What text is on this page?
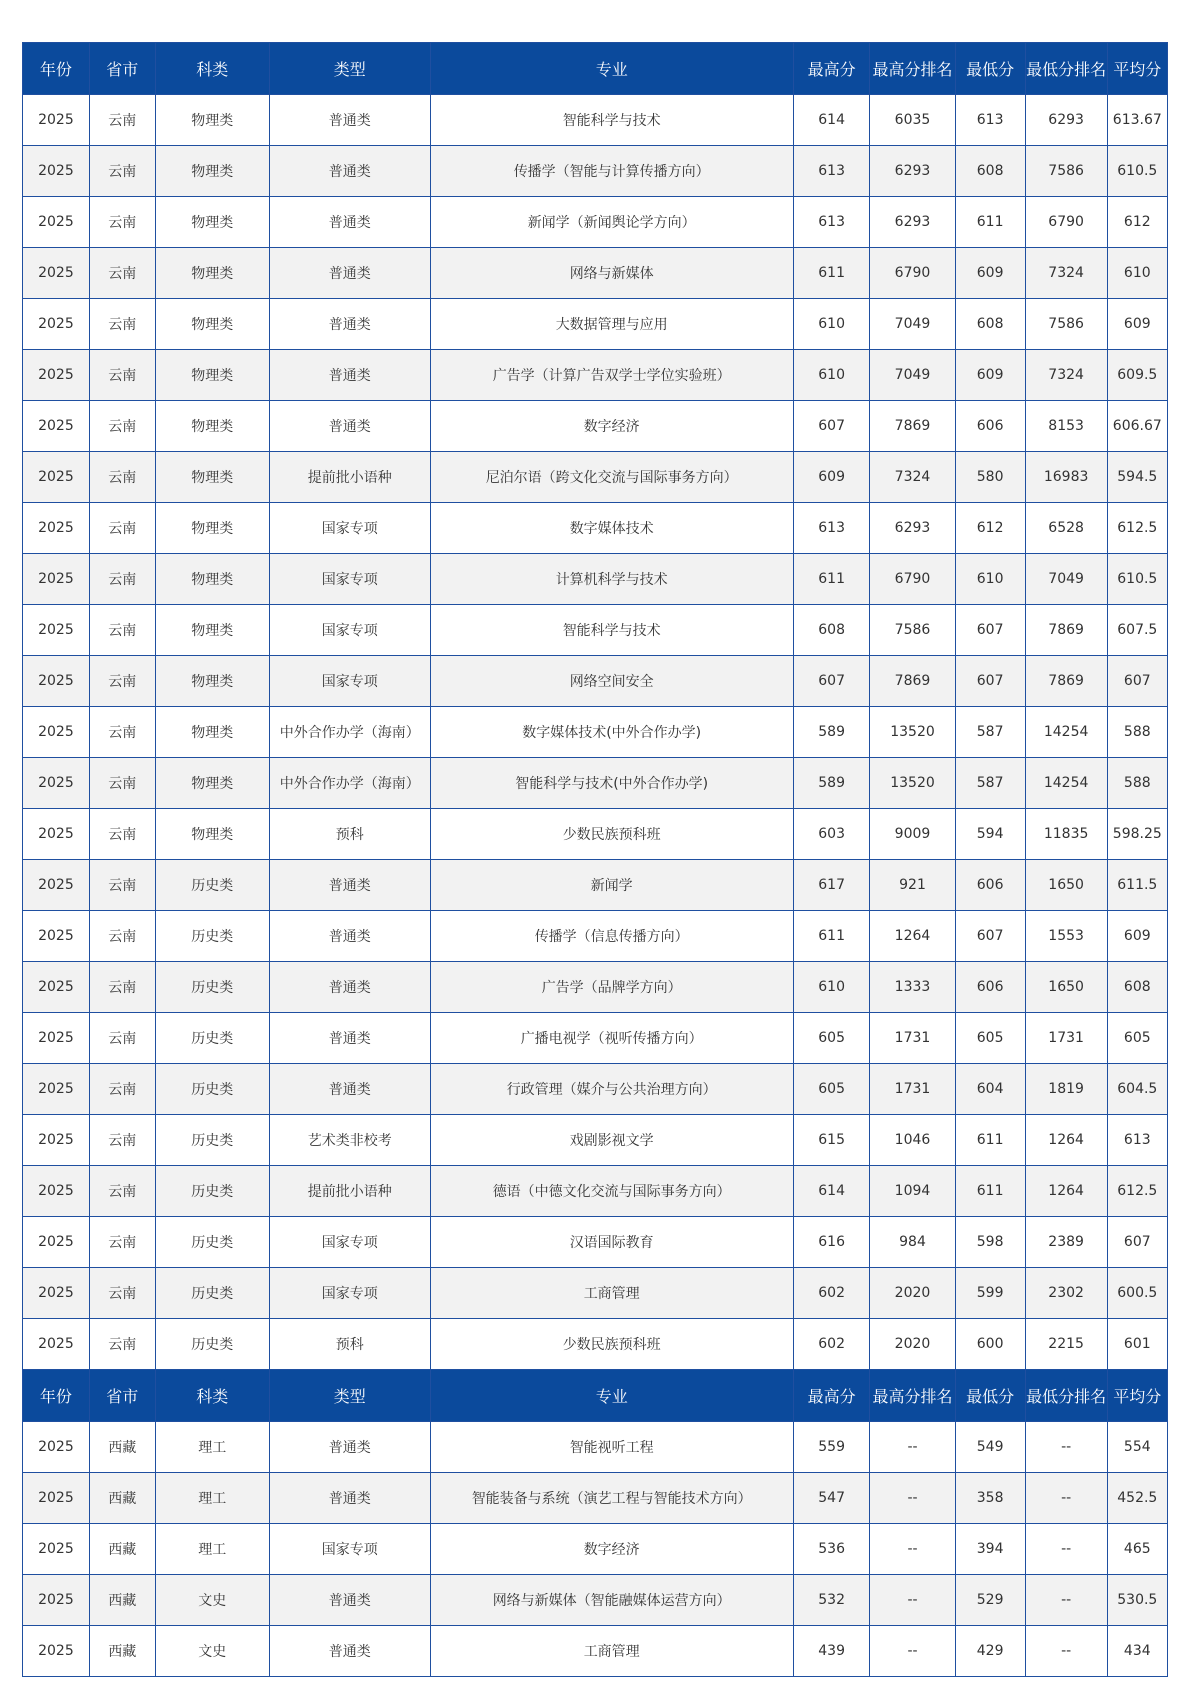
年份	省市	科类	类型	专业	最高分	最高分排名	最低分	最低分排名	平均分
2025	云南	物理类	普通类	智能科学与技术	614	6035	613	6293	613.67
2025	云南	物理类	普通类	传播学（智能与计算传播方向）	613	6293	608	7586	610.5
2025	云南	物理类	普通类	新闻学（新闻舆论学方向）	613	6293	611	6790	612
2025	云南	物理类	普通类	网络与新媒体	611	6790	609	7324	610
2025	云南	物理类	普通类	大数据管理与应用	610	7049	608	7586	609
2025	云南	物理类	普通类	广告学（计算广告双学士学位实验班）	610	7049	609	7324	609.5
2025	云南	物理类	普通类	数字经济	607	7869	606	8153	606.67
2025	云南	物理类	提前批小语种	尼泊尔语（跨文化交流与国际事务方向）	609	7324	580	16983	594.5
2025	云南	物理类	国家专项	数字媒体技术	613	6293	612	6528	612.5
2025	云南	物理类	国家专项	计算机科学与技术	611	6790	610	7049	610.5
2025	云南	物理类	国家专项	智能科学与技术	608	7586	607	7869	607.5
2025	云南	物理类	国家专项	网络空间安全	607	7869	607	7869	607
2025	云南	物理类	中外合作办学（海南）	数字媒体技术(中外合作办学)	589	13520	587	14254	588
2025	云南	物理类	中外合作办学（海南）	智能科学与技术(中外合作办学)	589	13520	587	14254	588
2025	云南	物理类	预科	少数民族预科班	603	9009	594	11835	598.25
2025	云南	历史类	普通类	新闻学	617	921	606	1650	611.5
2025	云南	历史类	普通类	传播学（信息传播方向）	611	1264	607	1553	609
2025	云南	历史类	普通类	广告学（品牌学方向）	610	1333	606	1650	608
2025	云南	历史类	普通类	广播电视学（视听传播方向）	605	1731	605	1731	605
2025	云南	历史类	普通类	行政管理（媒介与公共治理方向）	605	1731	604	1819	604.5
2025	云南	历史类	艺术类非校考	戏剧影视文学	615	1046	611	1264	613
2025	云南	历史类	提前批小语种	德语（中德文化交流与国际事务方向）	614	1094	611	1264	612.5
2025	云南	历史类	国家专项	汉语国际教育	616	984	598	2389	607
2025	云南	历史类	国家专项	工商管理	602	2020	599	2302	600.5
2025	云南	历史类	预科	少数民族预科班	602	2020	600	2215	601
年份	省市	科类	类型	专业	最高分	最高分排名	最低分	最低分排名	平均分
2025	西藏	理工	普通类	智能视听工程	559	--	549	--	554
2025	西藏	理工	普通类	智能装备与系统（演艺工程与智能技术方向）	547	--	358	--	452.5
2025	西藏	理工	国家专项	数字经济	536	--	394	--	465
2025	西藏	文史	普通类	网络与新媒体（智能融媒体运营方向）	532	--	529	--	530.5
2025	西藏	文史	普通类	工商管理	439	--	429	--	434
